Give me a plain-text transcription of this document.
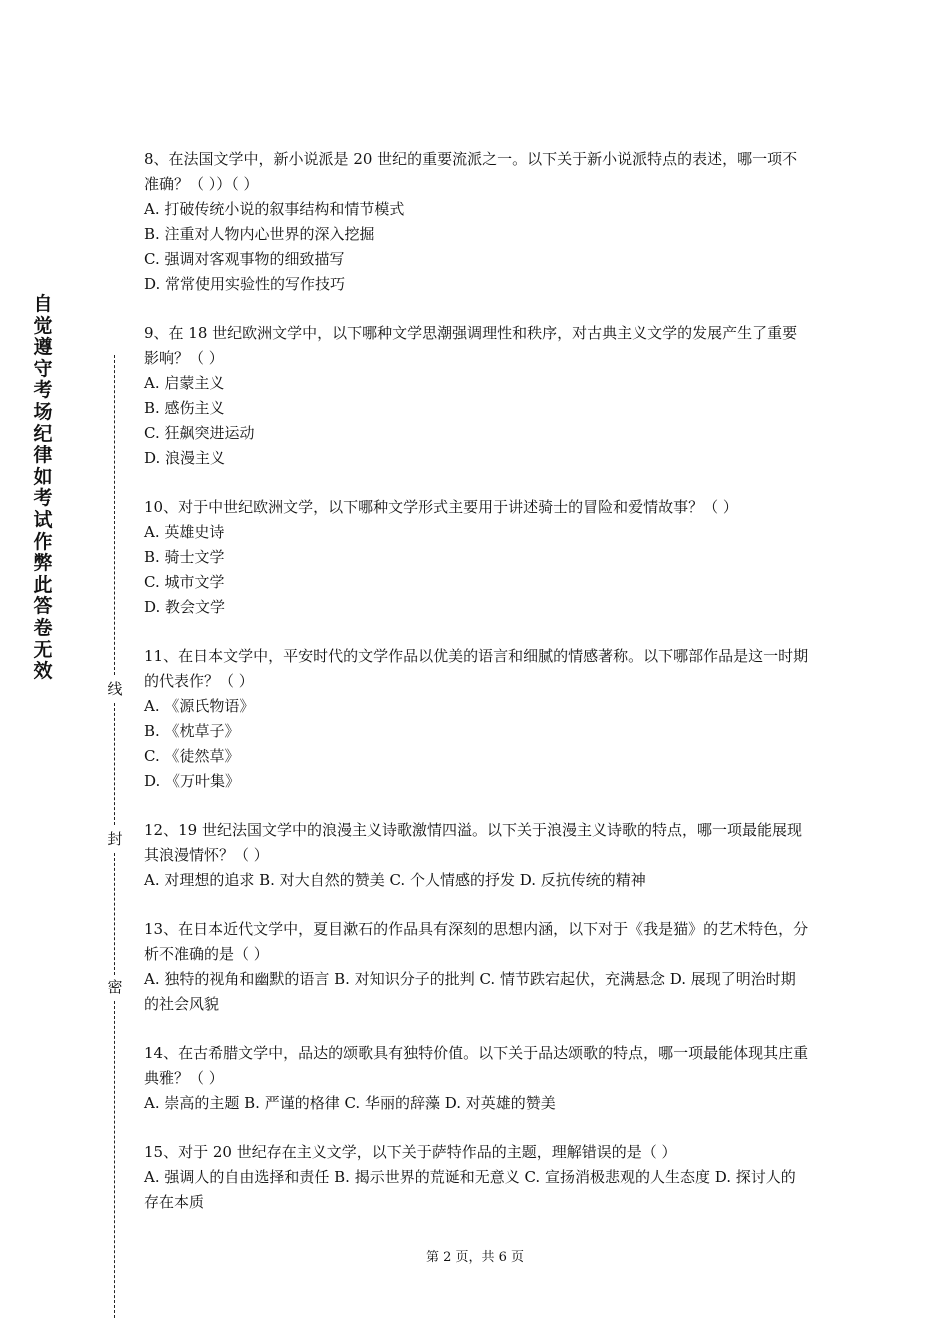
自觉遵守考场纪律如考试作弊此答卷无效
线
封
密

8、在法国文学中，新小说派是 20 世纪的重要流派之一。以下关于新小说派特点的表述，哪一项不准确？（ ））（ ）

A. 打破传统小说的叙事结构和情节模式

B. 注重对人物内心世界的深入挖掘

C. 强调对客观事物的细致描写

D. 常常使用实验性的写作技巧

9、在 18 世纪欧洲文学中，以下哪种文学思潮强调理性和秩序，对古典主义文学的发展产生了重要影响？（ ）

A. 启蒙主义

B. 感伤主义

C. 狂飙突进运动

D. 浪漫主义

10、对于中世纪欧洲文学，以下哪种文学形式主要用于讲述骑士的冒险和爱情故事？（ ）

A. 英雄史诗

B. 骑士文学

C. 城市文学

D. 教会文学

11、在日本文学中，平安时代的文学作品以优美的语言和细腻的情感著称。以下哪部作品是这一时期的代表作？（ ）

A. 《源氏物语》

B. 《枕草子》

C. 《徒然草》

D. 《万叶集》

12、19 世纪法国文学中的浪漫主义诗歌激情四溢。以下关于浪漫主义诗歌的特点，哪一项最能展现其浪漫情怀？（ ）

A. 对理想的追求 B. 对大自然的赞美 C. 个人情感的抒发 D. 反抗传统的精神

13、在日本近代文学中，夏目漱石的作品具有深刻的思想内涵，以下对于《我是猫》的艺术特色，分析不准确的是（ ）

A. 独特的视角和幽默的语言 B. 对知识分子的批判 C. 情节跌宕起伏，充满悬念 D. 展现了明治时期的社会风貌

14、在古希腊文学中，品达的颂歌具有独特价值。以下关于品达颂歌的特点，哪一项最能体现其庄重典雅？（ ）

A. 崇高的主题 B. 严谨的格律 C. 华丽的辞藻 D. 对英雄的赞美

15、对于 20 世纪存在主义文学，以下关于萨特作品的主题，理解错误的是（ ）

A. 强调人的自由选择和责任 B. 揭示世界的荒诞和无意义 C. 宣扬消极悲观的人生态度 D. 探讨人的存在本质

第 2 页，共 6 页
